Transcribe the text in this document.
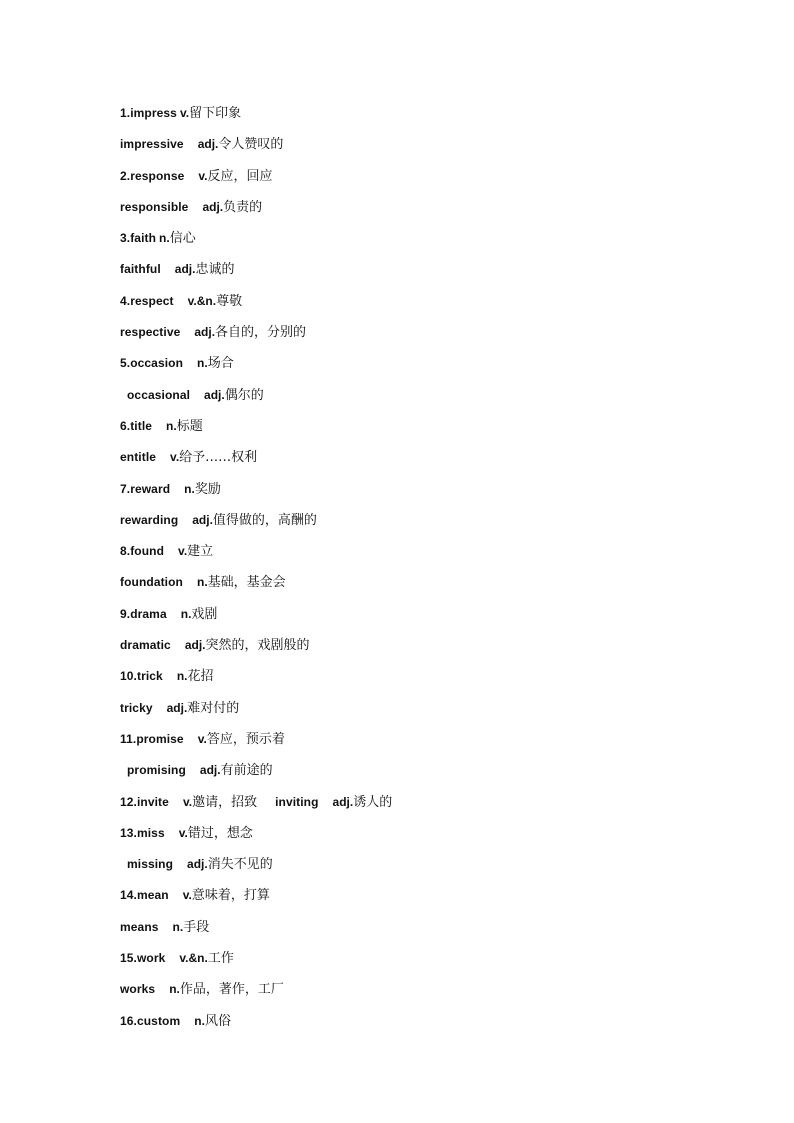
1.impress v.留下印象
impressive adj.令人赞叹的
2.response v.反应，回应
responsible adj.负责的
3.faith n.信心
faithful adj.忠诚的
4.respect v.&n.尊敬
respective adj.各自的，分别的
5.occasion n.场合
occasional adj.偶尔的
6.title n.标题
entitle v.给予……权利
7.reward n.奖励
rewarding adj.值得做的，高酬的
8.found v.建立
foundation n.基础，基金会
9.drama n.戏剧
dramatic adj.突然的，戏剧般的
10.trick n.花招
tricky adj.难对付的
11.promise v.答应，预示着
promising adj.有前途的
12.invite v.邀请，招致 inviting adj.诱人的
13.miss v.错过，想念
missing adj.消失不见的
14.mean v.意味着，打算
means n.手段
15.work v.&n.工作
works n.作品，著作，工厂
16.custom n.风俗
